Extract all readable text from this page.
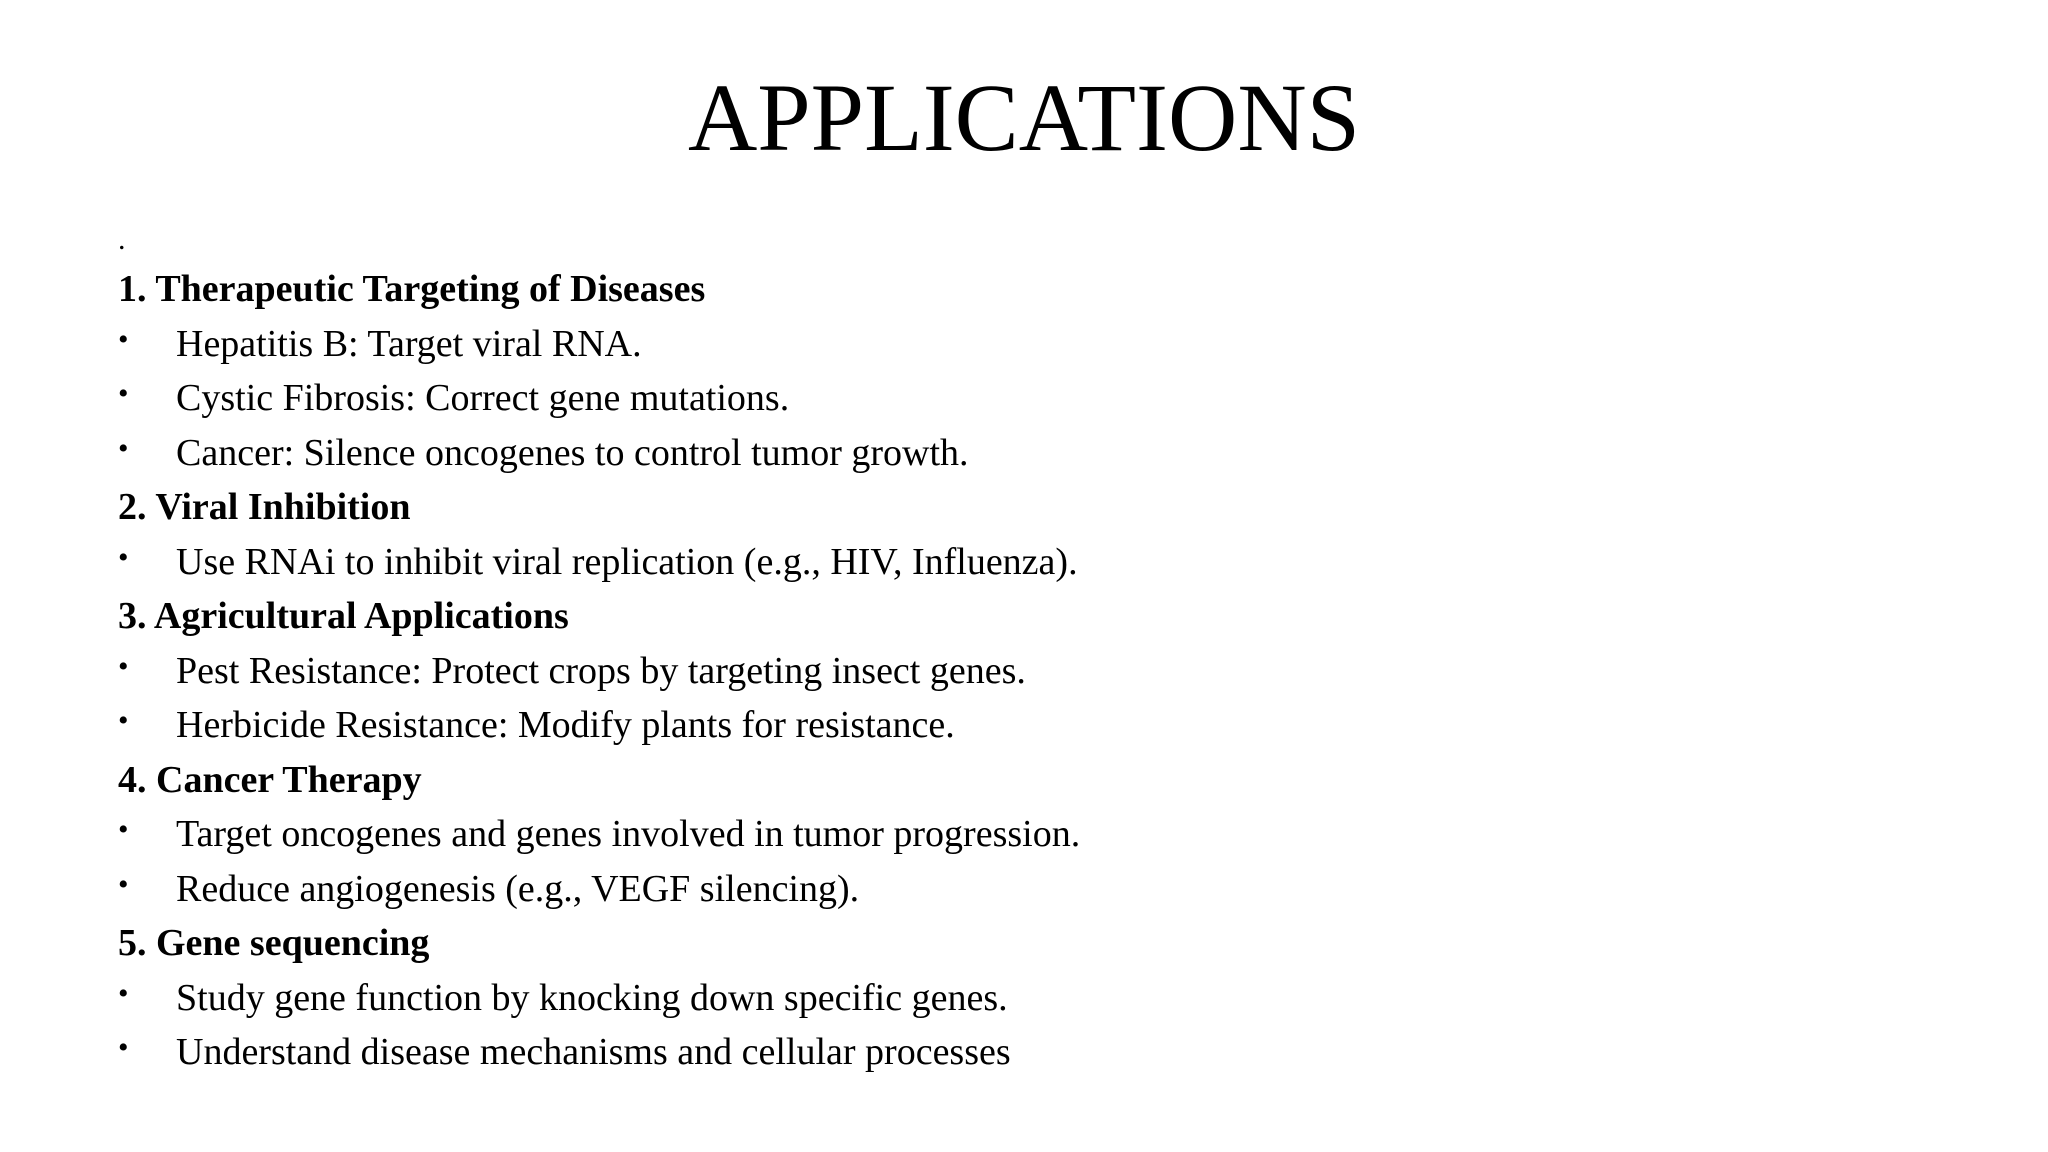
APPLICATIONS
.
1. Therapeutic Targeting of Diseases
• Hepatitis B: Target viral RNA.
• Cystic Fibrosis: Correct gene mutations.
• Cancer: Silence oncogenes to control tumor growth.
2. Viral Inhibition
• Use RNAi to inhibit viral replication (e.g., HIV, Influenza).
3. Agricultural Applications
• Pest Resistance: Protect crops by targeting insect genes.
• Herbicide Resistance: Modify plants for resistance.
4. Cancer Therapy
• Target oncogenes and genes involved in tumor progression.
• Reduce angiogenesis (e.g., VEGF silencing).
5. Gene sequencing
• Study gene function by knocking down specific genes.
• Understand disease mechanisms and cellular processes
